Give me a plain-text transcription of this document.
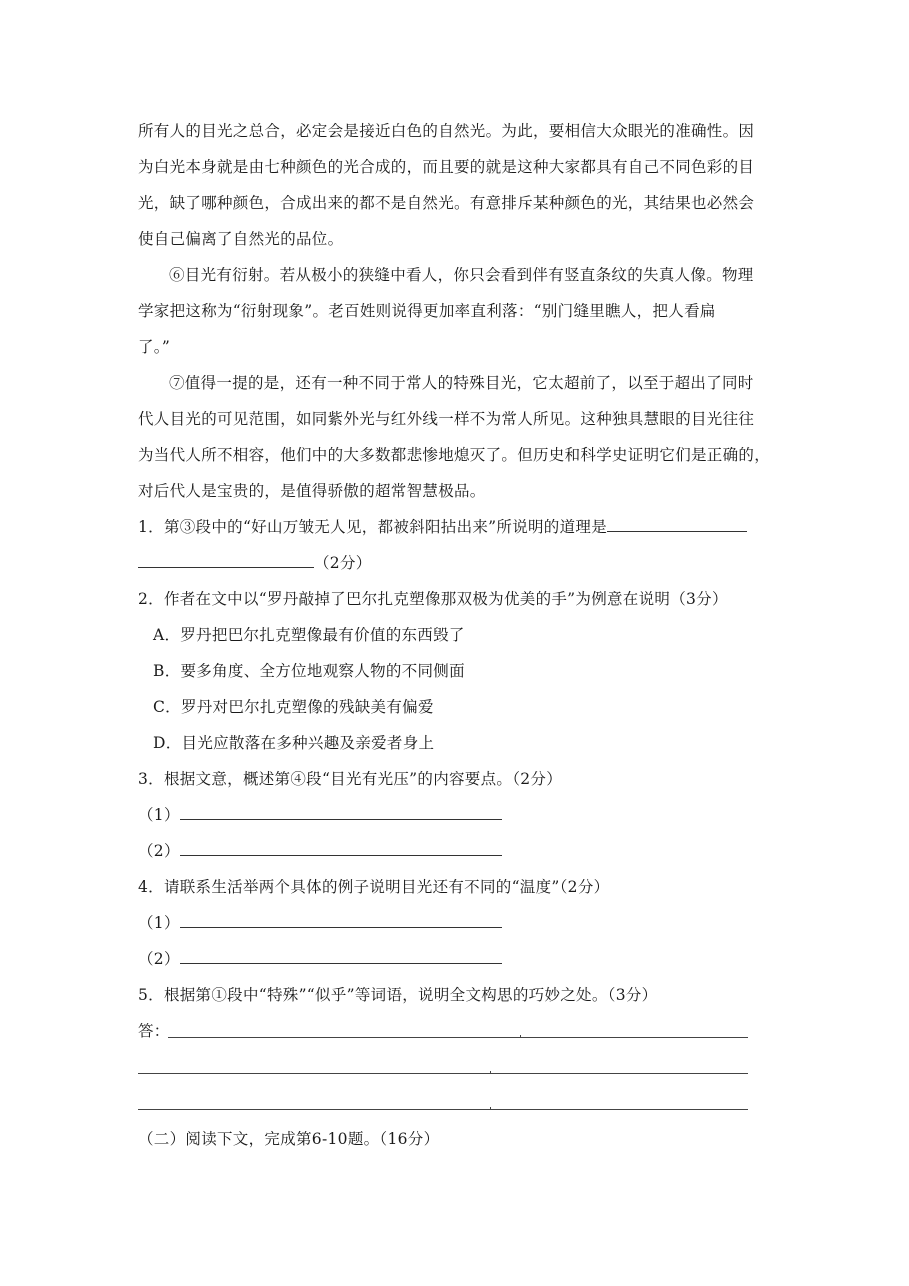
所有人的目光之总合，必定会是接近白色的自然光。为此，要相信大众眼光的准确性。因
为白光本身就是由七种颜色的光合成的，而且要的就是这种大家都具有自己不同色彩的目
光，缺了哪种颜色，合成出来的都不是自然光。有意排斥某种颜色的光，其结果也必然会
使自己偏离了自然光的品位。
⑥目光有衍射。若从极小的狭缝中看人，你只会看到伴有竖直条纹的失真人像。物理
学家把这称为“衍射现象”。老百姓则说得更加率直利落：“别门缝里瞧人，把人看扁
了。”
⑦值得一提的是，还有一种不同于常人的特殊目光，它太超前了，以至于超出了同时
代人目光的可见范围，如同紫外光与红外线一样不为常人所见。这种独具慧眼的目光往往
为当代人所不相容，他们中的大多数都悲惨地熄灭了。但历史和科学史证明它们是正确的，
对后代人是宝贵的，是值得骄傲的超常智慧极品。
1．第③段中的“好山万皱无人见，都被斜阳拈出来”所说明的道理是
（2分）
2．作者在文中以“罗丹敲掉了巴尔扎克塑像那双极为优美的手”为例意在说明（3分）
A．罗丹把巴尔扎克塑像最有价值的东西毁了
B．要多角度、全方位地观察人物的不同侧面
C．罗丹对巴尔扎克塑像的残缺美有偏爱
D．目光应散落在多种兴趣及亲爱者身上
3．根据文意，概述第④段“目光有光压”的内容要点。（2分）
（1）
（2）
4．请联系生活举两个具体的例子说明目光还有不同的“温度”（2分）
（1）
（2）
5．根据第①段中“特殊”“似乎”等词语，说明全文构思的巧妙之处。（3分）
答：
（二）阅读下文，完成第6-10题。（16分）
